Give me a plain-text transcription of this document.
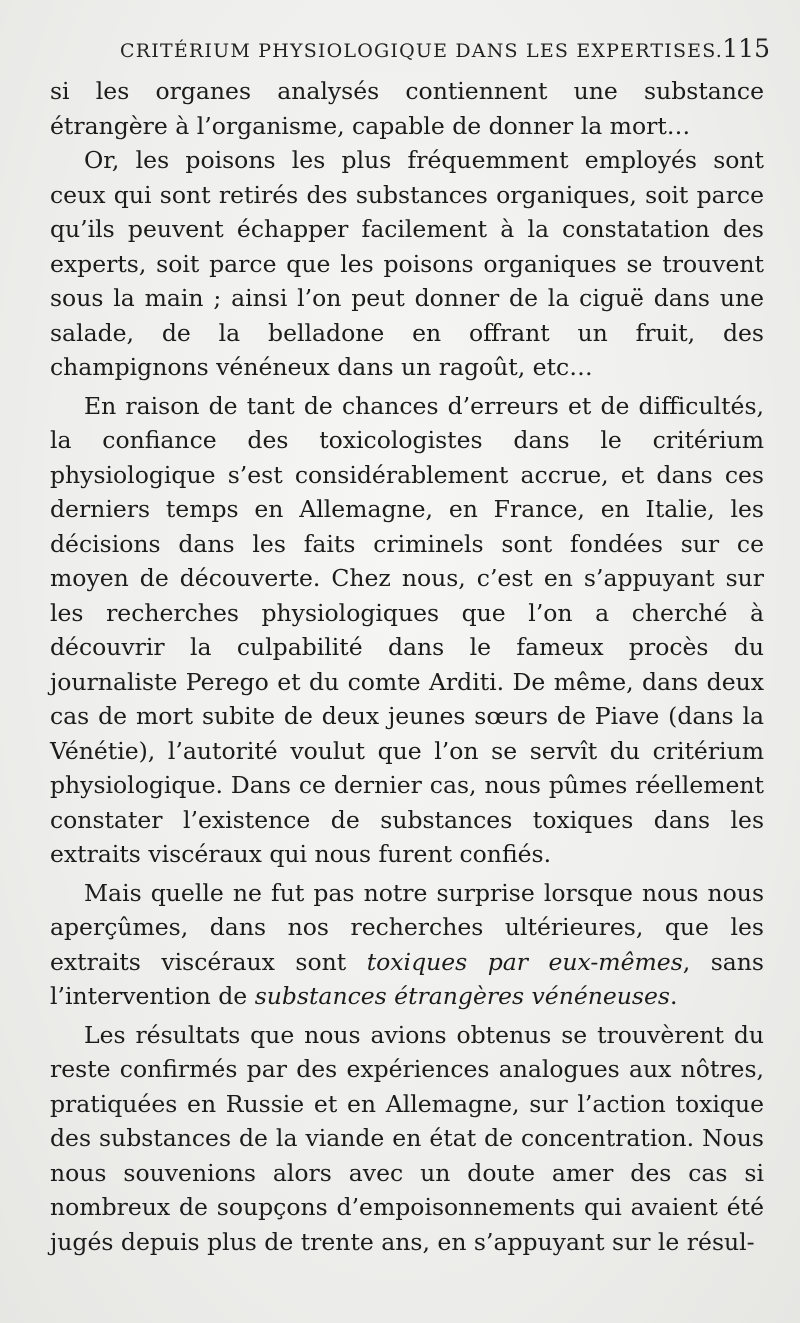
CRITÉRIUM PHYSIOLOGIQUE DANS LES EXPERTISES. 115

si les organes analysés contiennent une substance étrangère à l’organisme, capable de donner la mort…

Or, les poisons les plus fréquemment employés sont ceux qui sont retirés des substances organiques, soit parce qu’ils peuvent échapper facilement à la constatation des experts, soit parce que les poisons organiques se trouvent sous la main ; ainsi l’on peut donner de la ciguë dans une salade, de la belladone en offrant un fruit, des champignons vénéneux dans un ragoût, etc…

En raison de tant de chances d’erreurs et de difficultés, la confiance des toxicologistes dans le critérium physiologique s’est considérablement accrue, et dans ces derniers temps en Allemagne, en France, en Italie, les décisions dans les faits criminels sont fondées sur ce moyen de découverte. Chez nous, c’est en s’appuyant sur les recherches physiologiques que l’on a cherché à découvrir la culpabilité dans le fameux procès du journaliste Perego et du comte Arditi. De même, dans deux cas de mort subite de deux jeunes sœurs de Piave (dans la Vénétie), l’autorité voulut que l’on se servît du critérium physiologique. Dans ce dernier cas, nous pûmes réellement constater l’existence de substances toxiques dans les extraits viscéraux qui nous furent confiés.

Mais quelle ne fut pas notre surprise lorsque nous nous aperçûmes, dans nos recherches ultérieures, que les extraits viscéraux sont toxiques par eux-mêmes, sans l’intervention de substances étrangères vénéneuses.

Les résultats que nous avions obtenus se trouvèrent du reste confirmés par des expériences analogues aux nôtres, pratiquées en Russie et en Allemagne, sur l’action toxique des substances de la viande en état de concentration. Nous nous souvenions alors avec un doute amer des cas si nombreux de soupçons d’empoisonnements qui avaient été jugés depuis plus de trente ans, en s’appuyant sur le résul-
